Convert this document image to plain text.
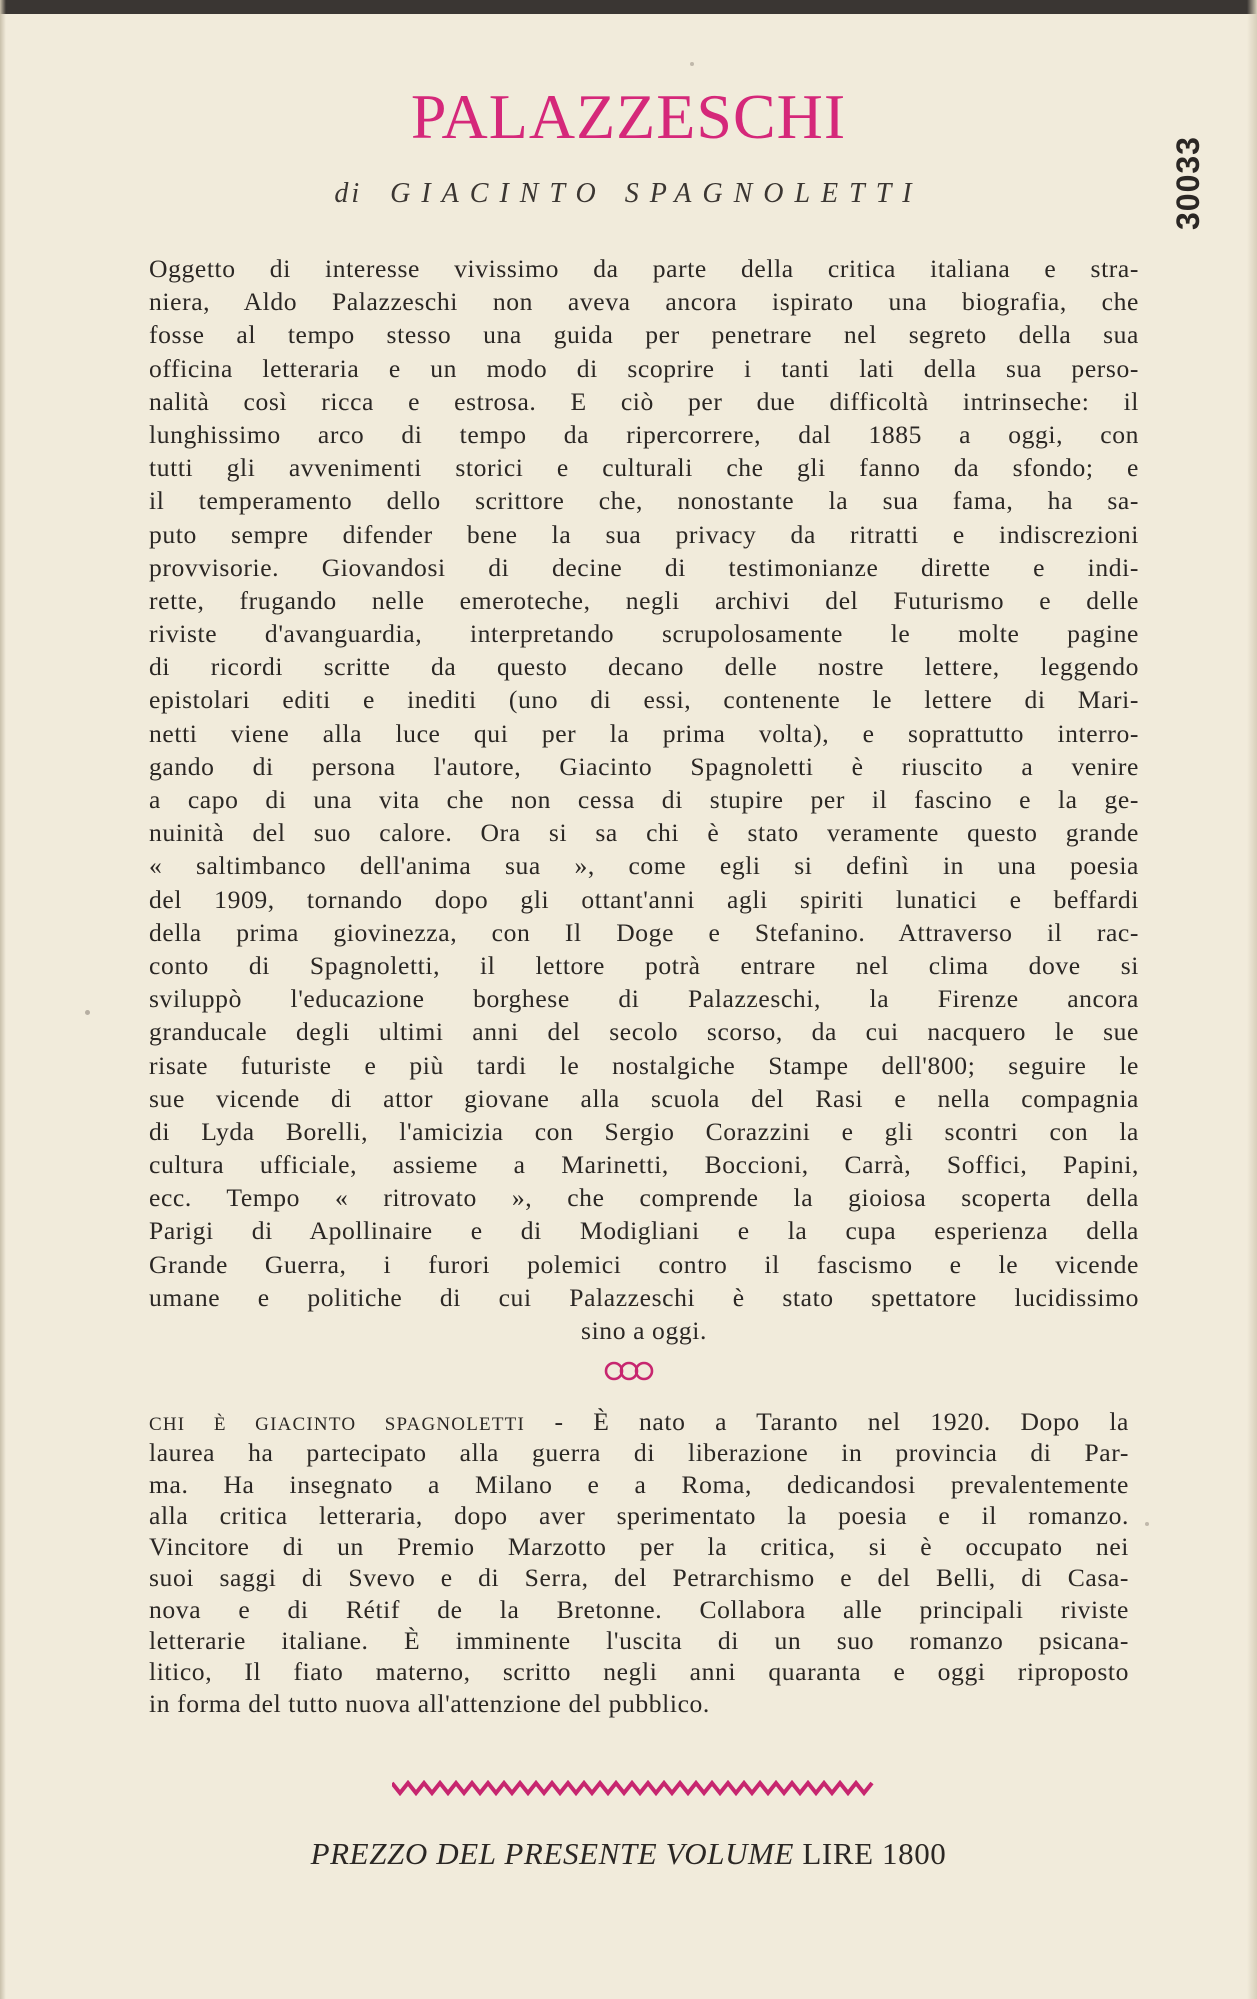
PALAZZESCHI
di GIACINTO SPAGNOLETTI	30033
Oggetto di interesse vivissimo da parte della critica italiana e stra-
niera, Aldo Palazzeschi non aveva ancora ispirato una biografia, che
fosse al tempo stesso una guida per penetrare nel segreto della sua
officina letteraria e un modo di scoprire i tanti lati della sua perso-
nalità così ricca e estrosa. E ciò per due difficoltà intrinseche: il
lunghissimo arco di tempo da ripercorrere, dal 1885 a oggi, con
tutti gli avvenimenti storici e culturali che gli fanno da sfondo; e
il temperamento dello scrittore che, nonostante la sua fama, ha sa-
puto sempre difender bene la sua privacy da ritratti e indiscrezioni
provvisorie. Giovandosi di decine di testimonianze dirette e indi-
rette, frugando nelle emeroteche, negli archivi del Futurismo e delle
riviste d'avanguardia, interpretando scrupolosamente le molte pagine
di ricordi scritte da questo decano delle nostre lettere, leggendo
epistolari editi e inediti (uno di essi, contenente le lettere di Mari-
netti viene alla luce qui per la prima volta), e soprattutto interro-
gando di persona l'autore, Giacinto Spagnoletti è riuscito a venire
a capo di una vita che non cessa di stupire per il fascino e la ge-
nuinità del suo calore. Ora si sa chi è stato veramente questo grande
« saltimbanco dell'anima sua », come egli si definì in una poesia
del 1909, tornando dopo gli ottant'anni agli spiriti lunatici e beffardi
della prima giovinezza, con Il Doge e Stefanino. Attraverso il rac-
conto di Spagnoletti, il lettore potrà entrare nel clima dove si
sviluppò l'educazione borghese di Palazzeschi, la Firenze ancora
granducale degli ultimi anni del secolo scorso, da cui nacquero le sue
risate futuriste e più tardi le nostalgiche Stampe dell'800; seguire le
sue vicende di attor giovane alla scuola del Rasi e nella compagnia
di Lyda Borelli, l'amicizia con Sergio Corazzini e gli scontri con la
cultura ufficiale, assieme a Marinetti, Boccioni, Carrà, Soffici, Papini,
ecc. Tempo « ritrovato », che comprende la gioiosa scoperta della
Parigi di Apollinaire e di Modigliani e la cupa esperienza della
Grande Guerra, i furori polemici contro il fascismo e le vicende
umane e politiche di cui Palazzeschi è stato spettatore lucidissimo
sino a oggi.
CHI È GIACINTO SPAGNOLETTI - È nato a Taranto nel 1920. Dopo la
laurea ha partecipato alla guerra di liberazione in provincia di Par-
ma. Ha insegnato a Milano e a Roma, dedicandosi prevalentemente
alla critica letteraria, dopo aver sperimentato la poesia e il romanzo.
Vincitore di un Premio Marzotto per la critica, si è occupato nei
suoi saggi di Svevo e di Serra, del Petrarchismo e del Belli, di Casa-
nova e di Rétif de la Bretonne. Collabora alle principali riviste
letterarie italiane. È imminente l'uscita di un suo romanzo psicana-
litico, Il fiato materno, scritto negli anni quaranta e oggi riproposto
in forma del tutto nuova all'attenzione del pubblico.
PREZZO DEL PRESENTE VOLUME LIRE 1800
